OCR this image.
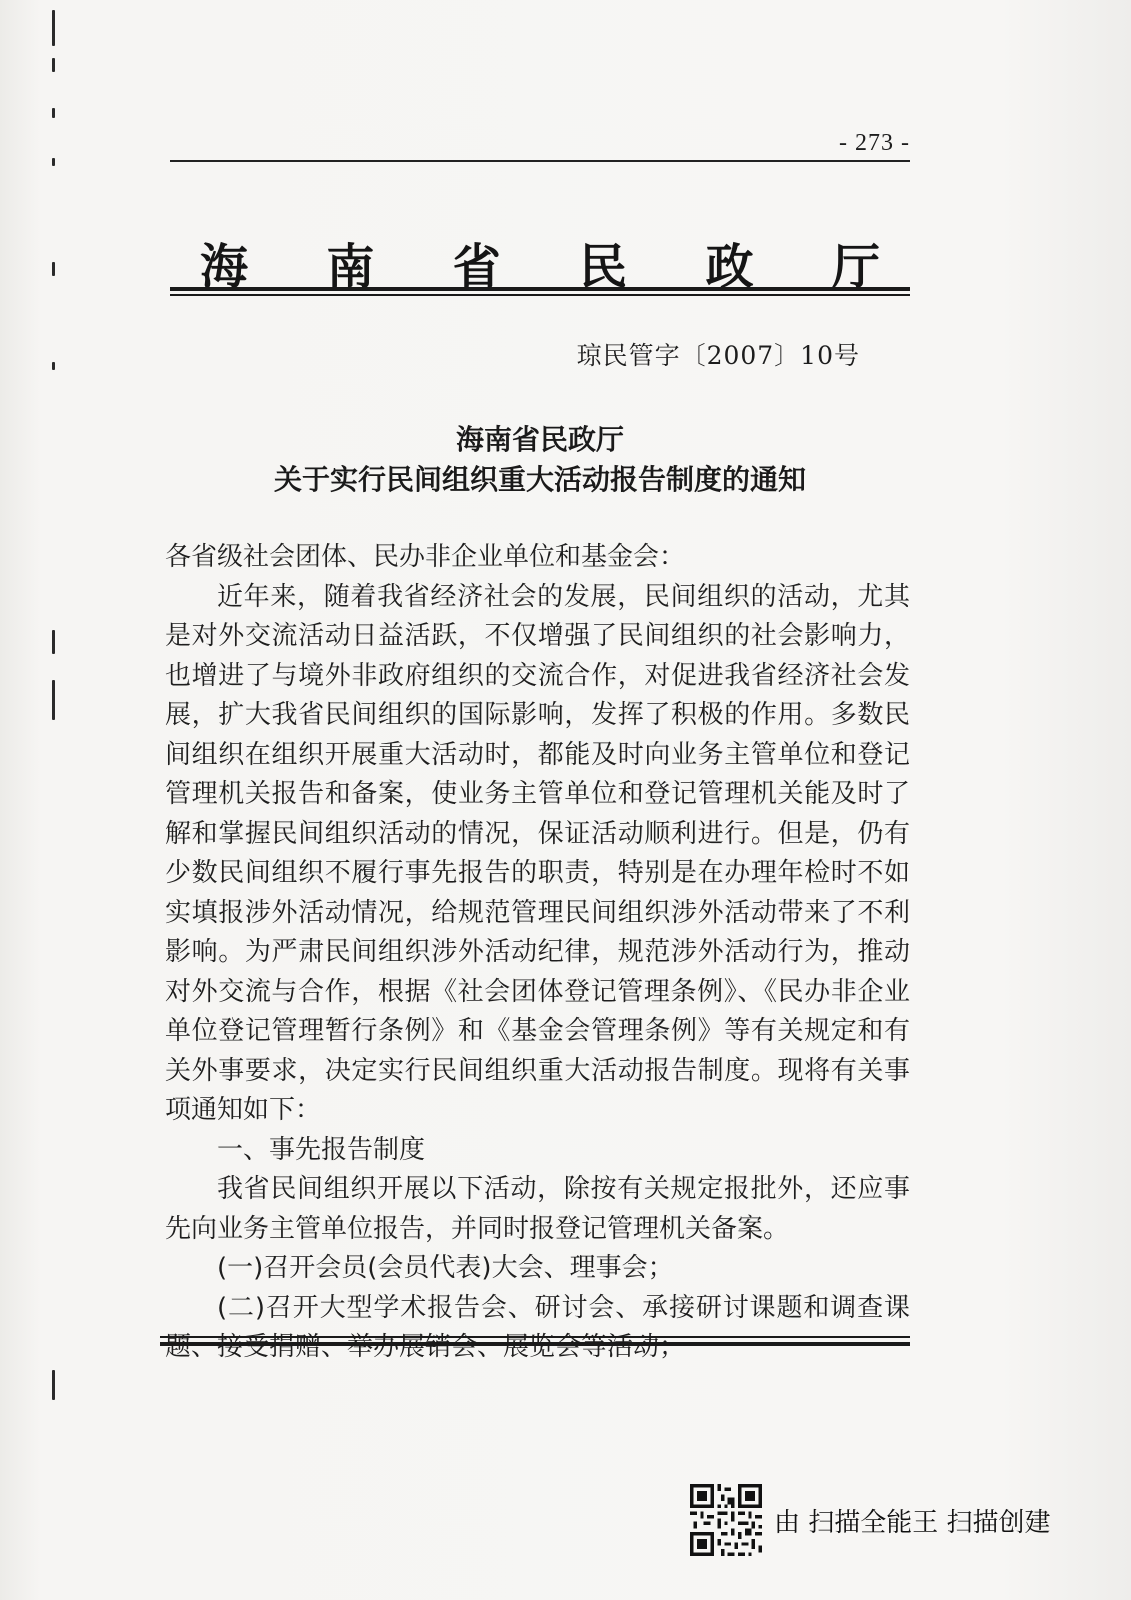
- 273 -
海 南 省 民 政 厅
琼民管字〔2007〕10号
海南省民政厅
关于实行民间组织重大活动报告制度的通知

各省级社会团体、民办非企业单位和基金会：

近年来，随着我省经济社会的发展，民间组织的活动，尤其是对外交流活动日益活跃，不仅增强了民间组织的社会影响力，也增进了与境外非政府组织的交流合作，对促进我省经济社会发展，扩大我省民间组织的国际影响，发挥了积极的作用。多数民间组织在组织开展重大活动时，都能及时向业务主管单位和登记管理机关报告和备案，使业务主管单位和登记管理机关能及时了解和掌握民间组织活动的情况，保证活动顺利进行。但是，仍有少数民间组织不履行事先报告的职责，特别是在办理年检时不如实填报涉外活动情况，给规范管理民间组织涉外活动带来了不利影响。为严肃民间组织涉外活动纪律，规范涉外活动行为，推动对外交流与合作，根据《社会团体登记管理条例》、《民办非企业单位登记管理暂行条例》和《基金会管理条例》等有关规定和有关外事要求，决定实行民间组织重大活动报告制度。现将有关事项通知如下：

一、事先报告制度

我省民间组织开展以下活动，除按有关规定报批外，还应事先向业务主管单位报告，并同时报登记管理机关备案。

(一)召开会员(会员代表)大会、理事会；

(二)召开大型学术报告会、研讨会、承接研讨课题和调查课题、接受捐赠、举办展销会、展览会等活动；

由 扫描全能王 扫描创建
